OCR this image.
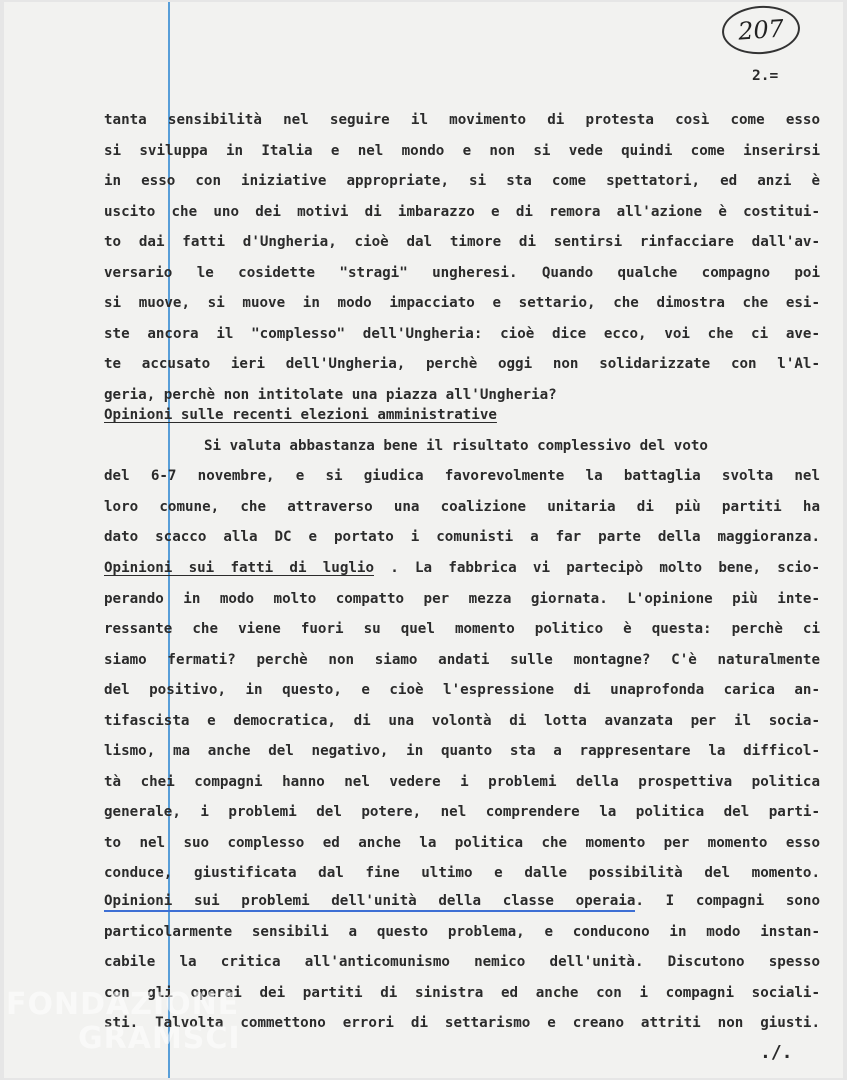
207
2.=
tanta sensibilità nel seguire il movimento di protesta così come esso
si sviluppa in Italia e nel mondo e non si vede quindi come inserirsi
in esso con iniziative appropriate, si sta come spettatori, ed anzi è
uscito che uno dei motivi di imbarazzo e di remora all'azione è costitui-
to dai fatti d'Ungheria, cioè dal timore di sentirsi rinfacciare dall'av-
versario le cosidette "stragi" ungheresi. Quando qualche compagno poi
si muove, si muove in modo impacciato e settario, che dimostra che esi-
ste ancora il "complesso" dell'Ungheria: cioè dice ecco, voi che ci ave-
te accusato ieri dell'Ungheria, perchè oggi non solidarizzate con l'Al-
geria, perchè non intitolate una piazza all'Ungheria?
Opinioni sulle recenti elezioni amministrative
Si valuta abbastanza bene il risultato complessivo del voto
del 6-7 novembre, e si giudica favorevolmente la battaglia svolta nel
loro comune, che attraverso una coalizione unitaria di più partiti ha
dato scacco alla DC e portato i comunisti a far parte della maggioranza.
Opinioni sui fatti di luglio . La fabbrica vi partecipò molto bene, scio-
perando in modo molto compatto per mezza giornata. L'opinione più inte-
ressante che viene fuori su quel momento politico è questa: perchè ci
siamo fermati? perchè non siamo andati sulle montagne? C'è naturalmente
del positivo, in questo, e cioè l'espressione di unaprofonda carica an-
tifascista e democratica, di una volontà di lotta avanzata per il socia-
lismo, ma anche del negativo, in quanto sta a rappresentare la difficol-
tà chei compagni hanno nel vedere i problemi della prospettiva politica
generale, i problemi del potere, nel comprendere la politica del parti-
to nel suo complesso ed anche la politica che momento per momento esso
conduce, giustificata dal fine ultimo e dalle possibilità del momento.
Opinioni sui problemi dell'unità della classe operaia. I compagni sono
particolarmente sensibili a questo problema, e conducono in modo instan-
cabile la critica all'anticomunismo nemico dell'unità. Discutono spesso
con gli operai dei partiti di sinistra ed anche con i compagni sociali-
sti. Talvolta commettono errori di settarismo e creano attriti non giusti.
FONDAZIONE
GRAMSCI	./.
